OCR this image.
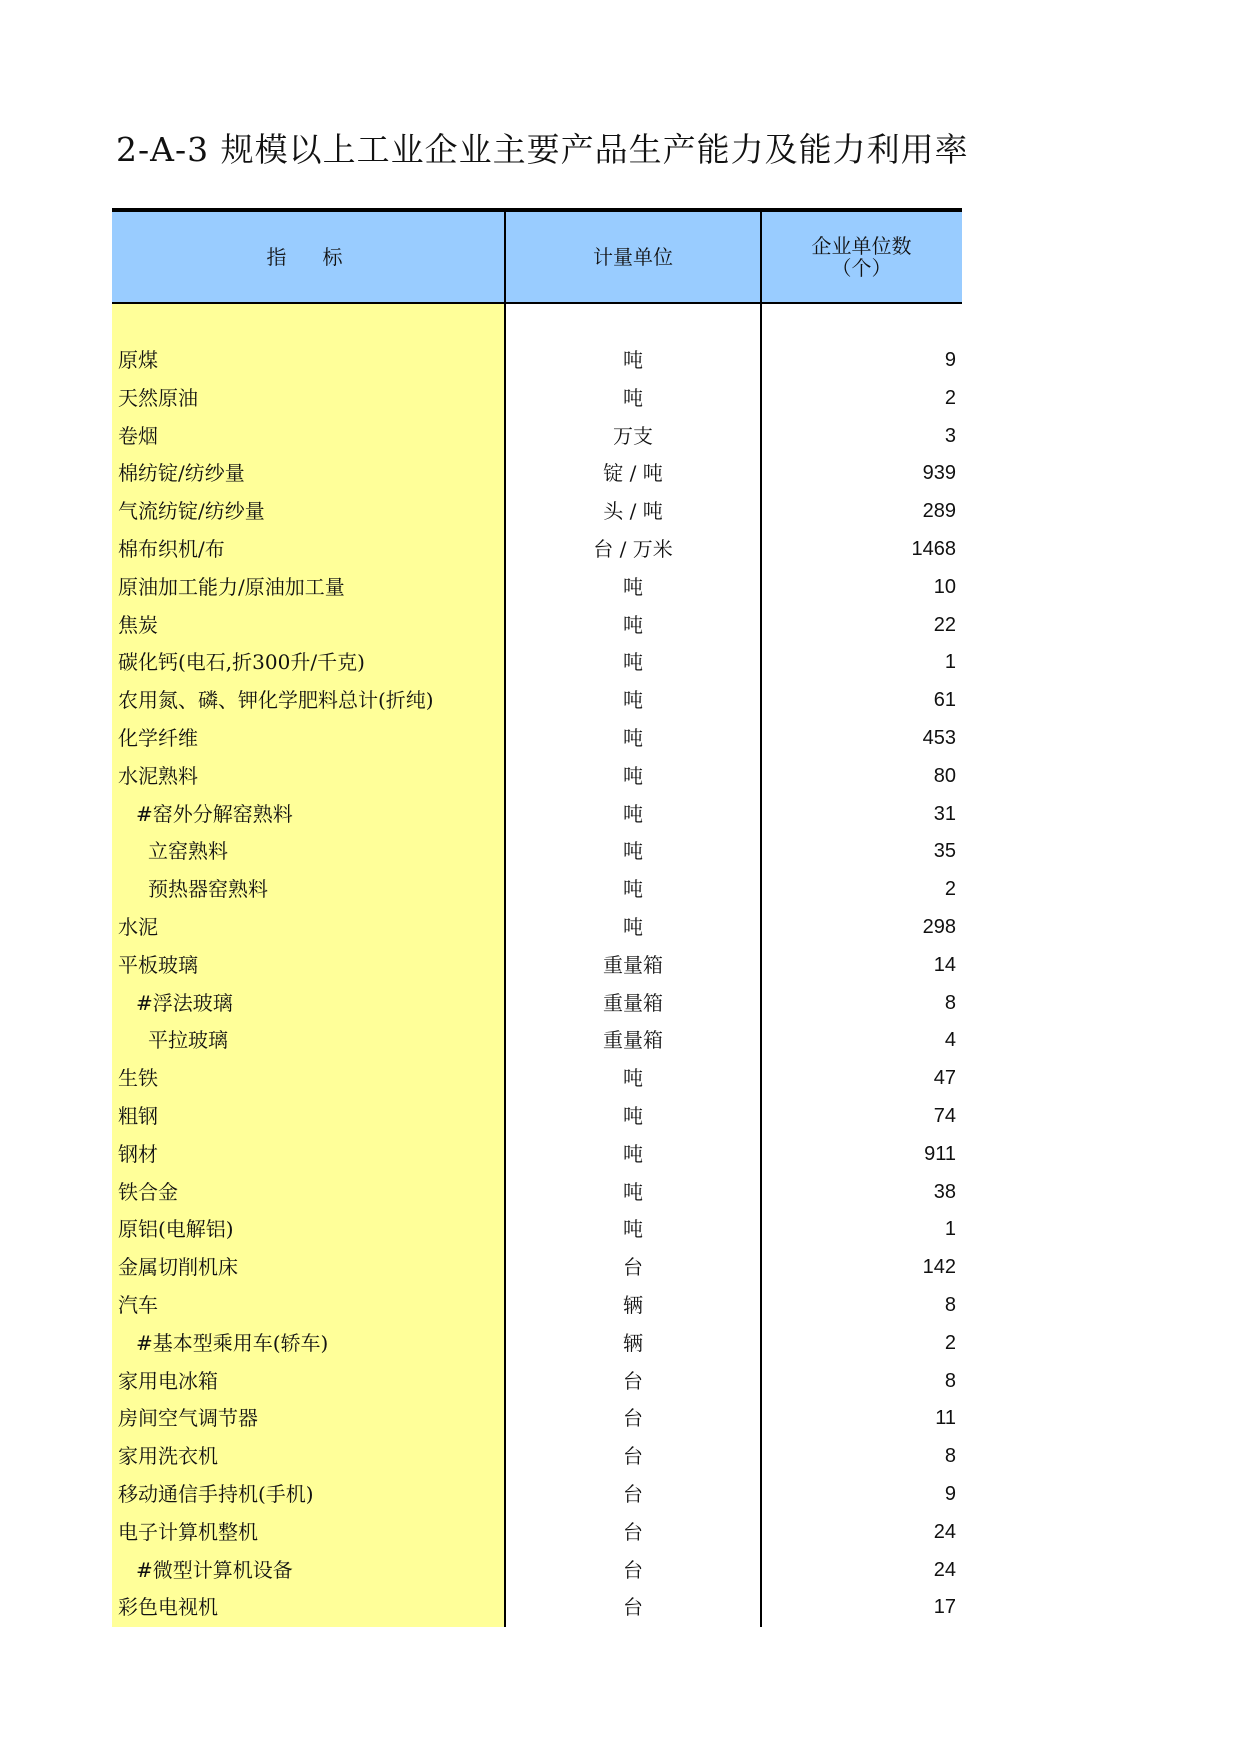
2-A-3 规模以上工业企业主要产品生产能力及能力利用率
指　标	计量单位	企业单位数
（个）
原煤	吨	9
天然原油	吨	2
卷烟	万支	3
棉纺锭/纺纱量	锭 / 吨	939
气流纺锭/纺纱量	头 / 吨	289
棉布织机/布	台 / 万米	1468
原油加工能力/原油加工量	吨	10
焦炭	吨	22
碳化钙(电石,折300升/千克)	吨	1
农用氮、磷、钾化学肥料总计(折纯)	吨	61
化学纤维	吨	453
水泥熟料	吨	80
#窑外分解窑熟料	吨	31
立窑熟料	吨	35
预热器窑熟料	吨	2
水泥	吨	298
平板玻璃	重量箱	14
#浮法玻璃	重量箱	8
平拉玻璃	重量箱	4
生铁	吨	47
粗钢	吨	74
钢材	吨	911
铁合金	吨	38
原铝(电解铝)	吨	1
金属切削机床	台	142
汽车	辆	8
#基本型乘用车(轿车)	辆	2
家用电冰箱	台	8
房间空气调节器	台	11
家用洗衣机	台	8
移动通信手持机(手机)	台	9
电子计算机整机	台	24
#微型计算机设备	台	24
彩色电视机	台	17
